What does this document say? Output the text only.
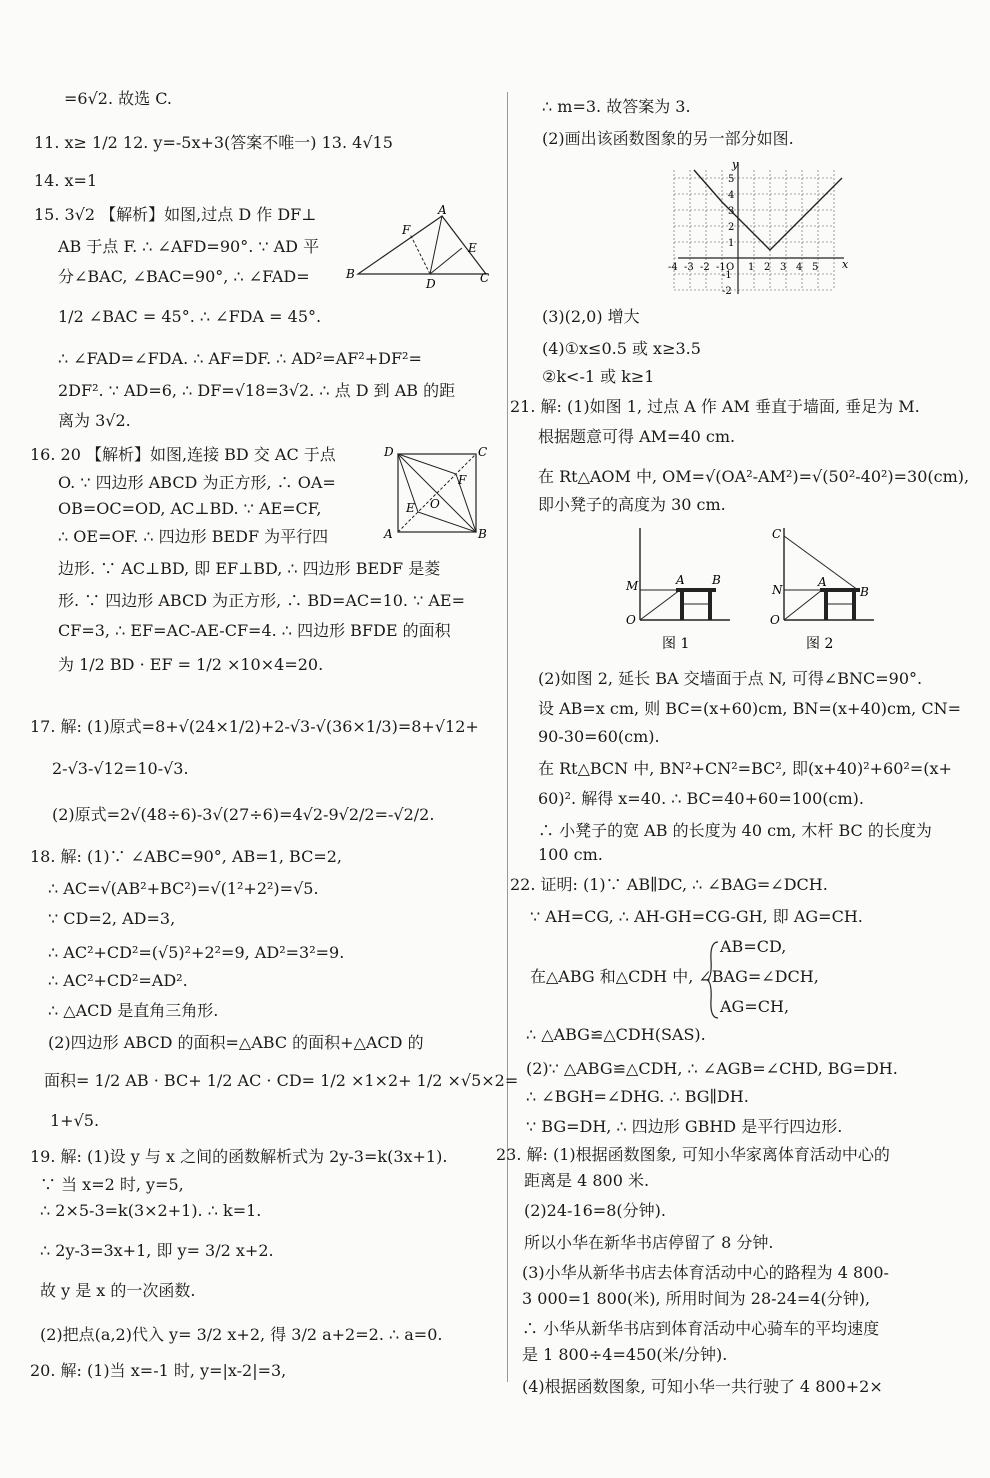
=6√2. 故选 C.
11. x≥ 1/2 12. y=-5x+3(答案不唯一) 13. 4√15
14. x=1
15. 3√2 【解析】如图,过点 D 作 DF⊥
AB 于点 F. ∴ ∠AFD=90°. ∵ AD 平
分∠BAC, ∠BAC=90°, ∴ ∠FAD=
1/2 ∠BAC = 45°. ∴ ∠FDA = 45°.
∴ ∠FAD=∠FDA. ∴ AF=DF. ∴ AD²=AF²+DF²=
2DF². ∵ AD=6, ∴ DF=√18=3√2. ∴ 点 D 到 AB 的距
离为 3√2.
16. 20 【解析】如图,连接 BD 交 AC 于点
O. ∵ 四边形 ABCD 为正方形, ∴ OA=
OB=OC=OD, AC⊥BD. ∵ AE=CF,
∴ OE=OF. ∴ 四边形 BEDF 为平行四
边形. ∵ AC⊥BD, 即 EF⊥BD, ∴ 四边形 BEDF 是菱
形. ∵ 四边形 ABCD 为正方形, ∴ BD=AC=10. ∵ AE=
CF=3, ∴ EF=AC-AE-CF=4. ∴ 四边形 BFDE 的面积
为 1/2 BD · EF = 1/2 ×10×4=20.
17. 解: (1)原式=8+√(24×1/2)+2-√3-√(36×1/3)=8+√12+
2-√3-√12=10-√3.
(2)原式=2√(48÷6)-3√(27÷6)=4√2-9√2/2=-√2/2.
18. 解: (1)∵ ∠ABC=90°, AB=1, BC=2,
∴ AC=√(AB²+BC²)=√(1²+2²)=√5.
∵ CD=2, AD=3,
∴ AC²+CD²=(√5)²+2²=9, AD²=3²=9.
∴ AC²+CD²=AD².
∴ △ACD 是直角三角形.
(2)四边形 ABCD 的面积=△ABC 的面积+△ACD 的
面积= 1/2 AB · BC+ 1/2 AC · CD= 1/2 ×1×2+ 1/2 ×√5×2=
1+√5.
19. 解: (1)设 y 与 x 之间的函数解析式为 2y-3=k(3x+1).
∵ 当 x=2 时, y=5,
∴ 2×5-3=k(3×2+1). ∴ k=1.
∴ 2y-3=3x+1, 即 y= 3/2 x+2.
故 y 是 x 的一次函数.
(2)把点(a,2)代入 y= 3/2 x+2, 得 3/2 a+2=2. ∴ a=0.
20. 解: (1)当 x=-1 时, y=|x-2|=3,
A
B	C
D
E
F
D	C
A	B
E
F
O
∴ m=3. 故答案为 3.
(2)画出该函数图象的另一部分如图.
(3)(2,0) 增大
(4)①x≤0.5 或 x≥3.5
②k<-1 或 k≥1
21. 解: (1)如图 1, 过点 A 作 AM 垂直于墙面, 垂足为 M.
根据题意可得 AM=40 cm.
在 Rt△AOM 中, OM=√(OA²-AM²)=√(50²-40²)=30(cm),
即小凳子的高度为 30 cm.
(2)如图 2, 延长 BA 交墙面于点 N, 可得∠BNC=90°.
设 AB=x cm, 则 BC=(x+60)cm, BN=(x+40)cm, CN=
90-30=60(cm).
在 Rt△BCN 中, BN²+CN²=BC², 即(x+40)²+60²=(x+
60)². 解得 x=40. ∴ BC=40+60=100(cm).
∴ 小凳子的宽 AB 的长度为 40 cm, 木杆 BC 的长度为
100 cm.
22. 证明: (1)∵ AB∥DC, ∴ ∠BAG=∠DCH.
∵ AH=CG, ∴ AH-GH=CG-GH, 即 AG=CH.
AB=CD,
在△ABG 和△CDH 中, ∠BAG=∠DCH,
AG=CH,
∴ △ABG≌△CDH(SAS).
(2)∵ △ABG≌△CDH, ∴ ∠AGB=∠CHD, BG=DH.
∴ ∠BGH=∠DHG. ∴ BG∥DH.
∵ BG=DH, ∴ 四边形 GBHD 是平行四边形.
23. 解: (1)根据函数图象, 可知小华家离体育活动中心的
距离是 4 800 米.
(2)24-16=8(分钟).
所以小华在新华书店停留了 8 分钟.
(3)小华从新华书店去体育活动中心的路程为 4 800-
3 000=1 800(米), 所用时间为 28-24=4(分钟),
∴ 小华从新华书店到体育活动中心骑车的平均速度
是 1 800÷4=450(米/分钟).
(4)根据函数图象, 可知小华一共行驶了 4 800+2×
x
y
-4 -3 -2 -1 O 1 2 3 4 5
5
4
3
2
1
-1
-2
M	A B
O
图 1
C
N
A
B
O
图 2
